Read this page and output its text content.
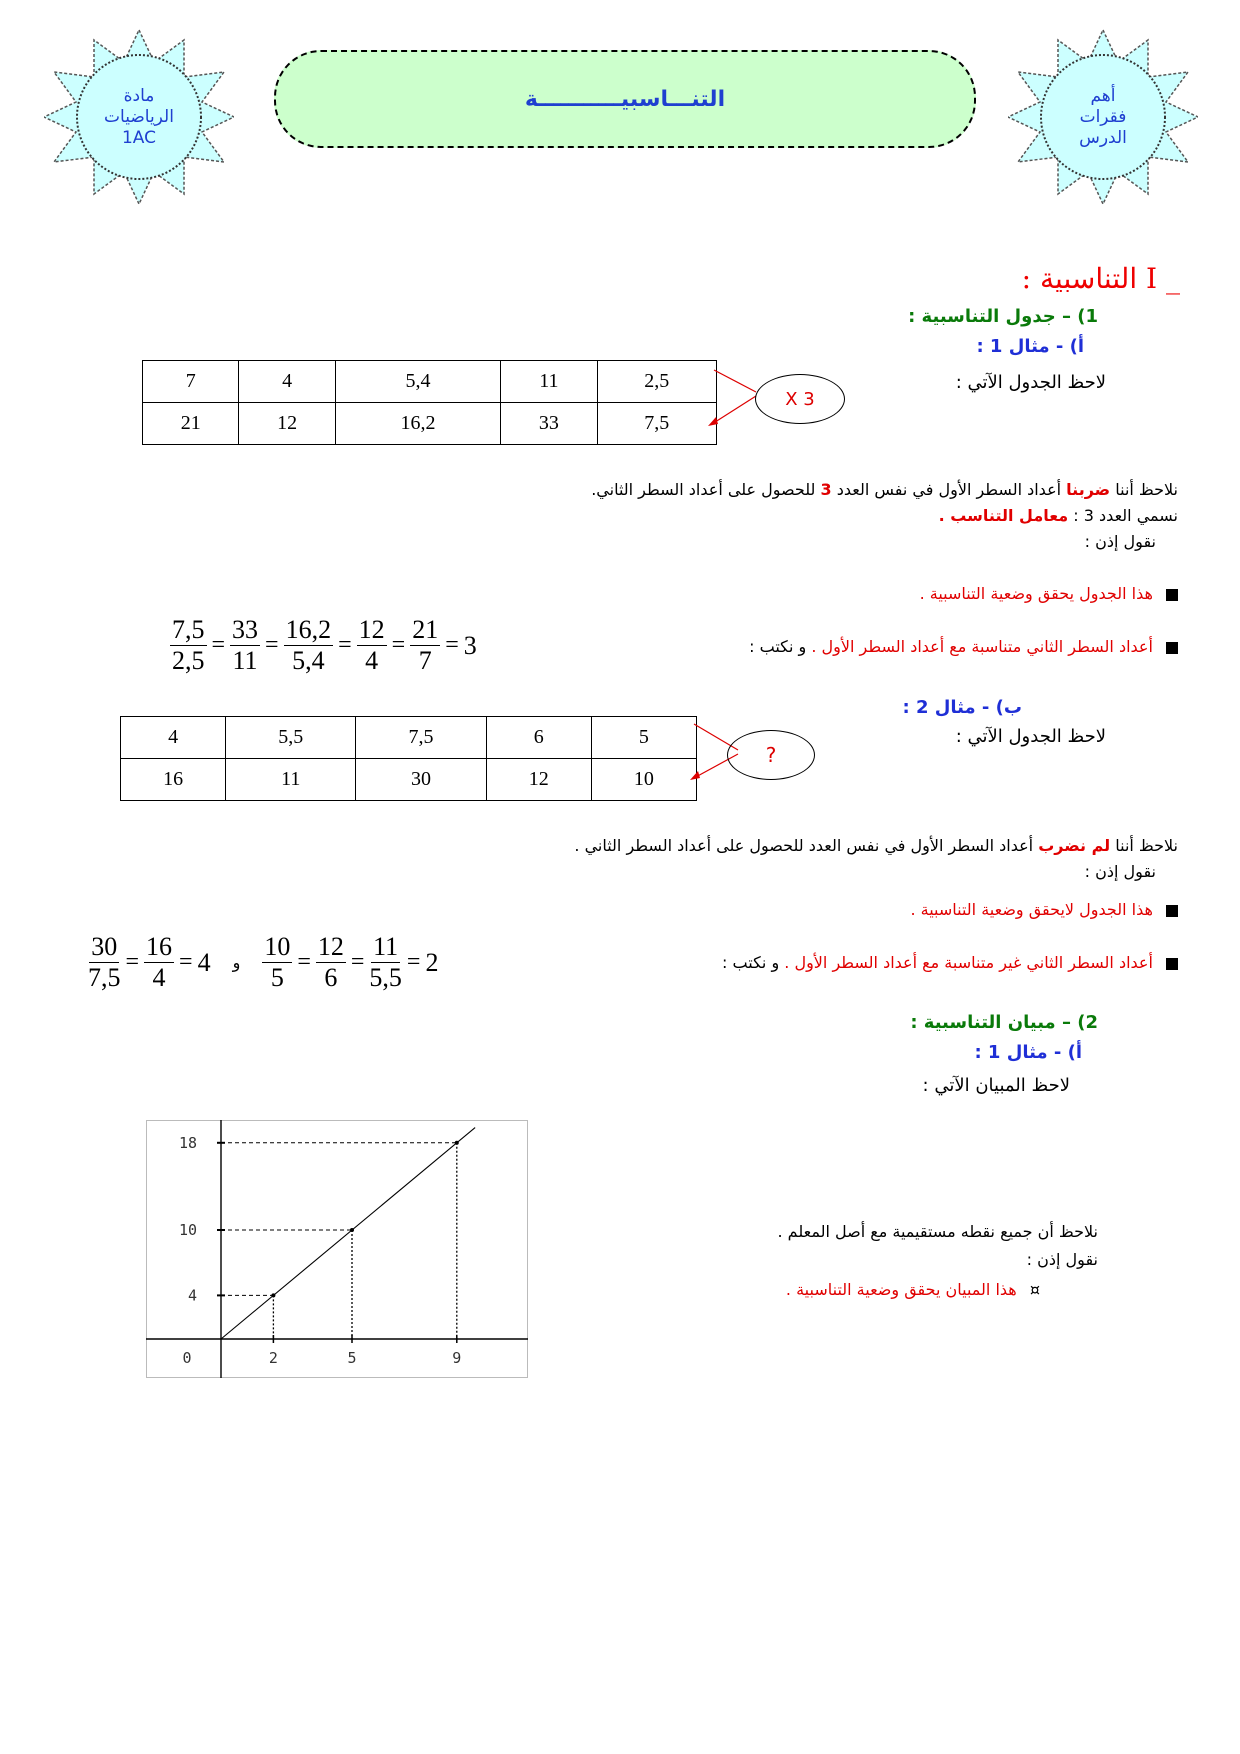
مادة
الرياضيات
1AC
التنـــاسبيـــــــــــة	أهم
فقرات
الدرس
I _ التناسبية :
1) – جدول التناسبية :
أ) - مثال 1 :
لاحظ الجدول الآتي :
7	4	5,4	11	2,5
21	12	16,2	33	7,5
X 3
نلاحظ أننا ضربنا أعداد السطر الأول في نفس العدد 3 للحصول على أعداد السطر الثاني.
نسمي العدد 3 : معامل التناسب .
نقول إذن :
هذا الجدول يحقق وضعية التناسبية .
أعداد السطر الثاني متناسبة مع أعداد السطر الأول . و نكتب :
$\frac{7,5}{2,5} = \frac{33}{11} = \frac{16,2}{5,4} = \frac{12}{4} = \frac{21}{7} = 3$
ب) - مثال 2 :
لاحظ الجدول الآتي :
4	5,5	7,5	6	5
16	11	30	12	10
?
نلاحظ أننا لم نضرب أعداد السطر الأول في نفس العدد للحصول على أعداد السطر الثاني .
نقول إذن :
هذا الجدول لايحقق وضعية التناسبية .
أعداد السطر الثاني غير متناسبة مع أعداد السطر الأول . و نكتب :
$\frac{30}{7,5} = \frac{16}{4} = 4$ و $\frac{10}{5} = \frac{12}{6} = \frac{11}{5,5} = 2$
2) – مبيان التناسبية :
أ) - مثال 1 :
لاحظ المبيان الآتي :
4
10
18
0	2	5	9
نلاحظ أن جميع نقطه مستقيمية مع أصل المعلم .
نقول إذن :
¤ هذا المبيان يحقق وضعية التناسبية .
